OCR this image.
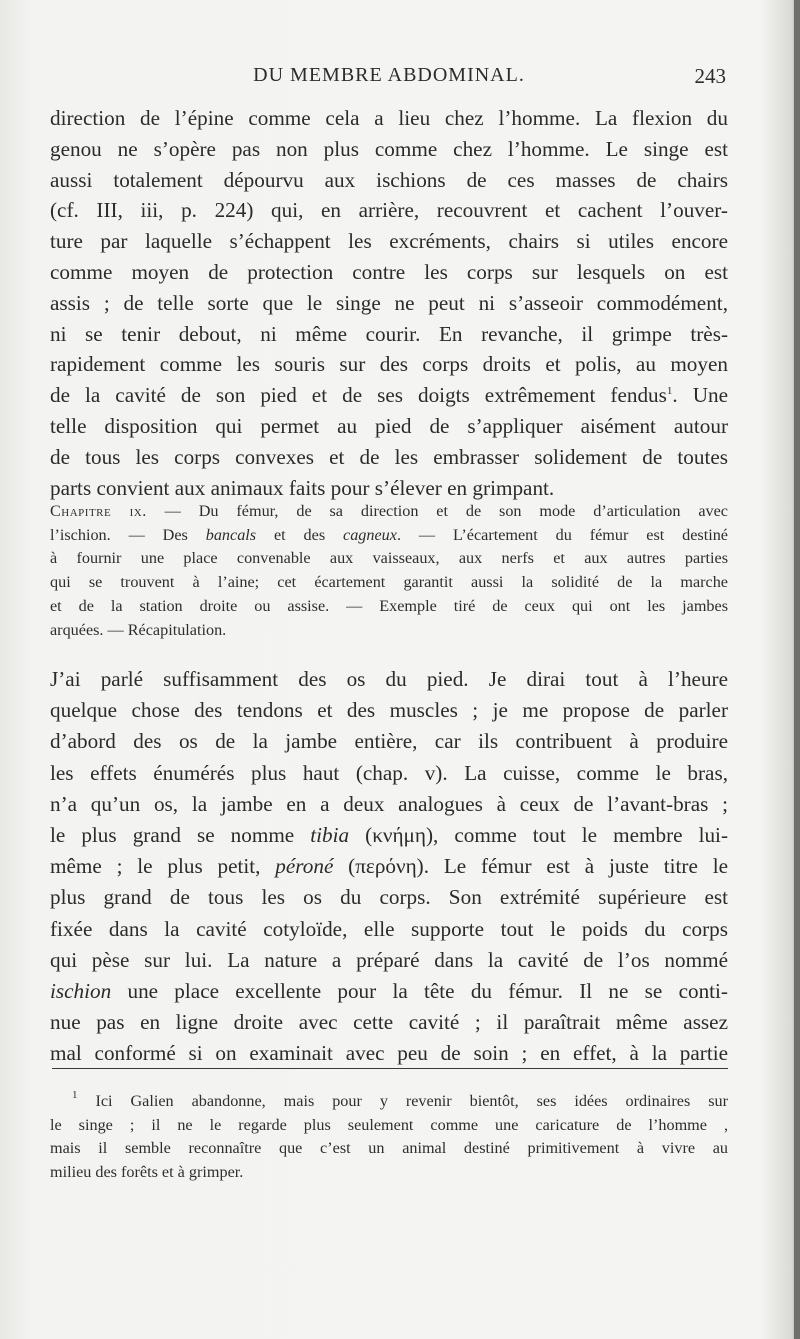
DU MEMBRE ABDOMINAL.	243
direction de l’épine comme cela a lieu chez l’homme. La flexion du
genou ne s’opère pas non plus comme chez l’homme. Le singe est
aussi totalement dépourvu aux ischions de ces masses de chairs
(cf. III, iii, p. 224) qui, en arrière, recouvrent et cachent l’ouver-
ture par laquelle s’échappent les excréments, chairs si utiles encore
comme moyen de protection contre les corps sur lesquels on est
assis ; de telle sorte que le singe ne peut ni s’asseoir commodément,
ni se tenir debout, ni même courir. En revanche, il grimpe très-
rapidement comme les souris sur des corps droits et polis, au moyen
de la cavité de son pied et de ses doigts extrêmement fendus$^1$. Une
telle disposition qui permet au pied de s’appliquer aisément autour
de tous les corps convexes et de les embrasser solidement de toutes
parts convient aux animaux faits pour s’élever en grimpant.
Chapitre ix. — Du fémur, de sa direction et de son mode d’articulation avec
l’ischion. — Des bancals et des cagneux. — L’écartement du fémur est destiné
à fournir une place convenable aux vaisseaux, aux nerfs et aux autres parties
qui se trouvent à l’aine; cet écartement garantit aussi la solidité de la marche
et de la station droite ou assise. — Exemple tiré de ceux qui ont les jambes
arquées. — Récapitulation.
J’ai parlé suffisamment des os du pied. Je dirai tout à l’heure
quelque chose des tendons et des muscles ; je me propose de parler
d’abord des os de la jambe entière, car ils contribuent à produire
les effets énumérés plus haut (chap. v). La cuisse, comme le bras,
n’a qu’un os, la jambe en a deux analogues à ceux de l’avant-bras ;
le plus grand se nomme tibia (κνήμη), comme tout le membre lui-
même ; le plus petit, péroné (περόνη). Le fémur est à juste titre le
plus grand de tous les os du corps. Son extrémité supérieure est
fixée dans la cavité cotyloïde, elle supporte tout le poids du corps
qui pèse sur lui. La nature a préparé dans la cavité de l’os nommé
ischion une place excellente pour la tête du fémur. Il ne se conti-
nue pas en ligne droite avec cette cavité ; il paraîtrait même assez
mal conformé si on examinait avec peu de soin ; en effet, à la partie
$^1$ Ici Galien abandonne, mais pour y revenir bientôt, ses idées ordinaires sur
le singe ; il ne le regarde plus seulement comme une caricature de l’homme ,
mais il semble reconnaître que c’est un animal destiné primitivement à vivre au
milieu des forêts et à grimper.
